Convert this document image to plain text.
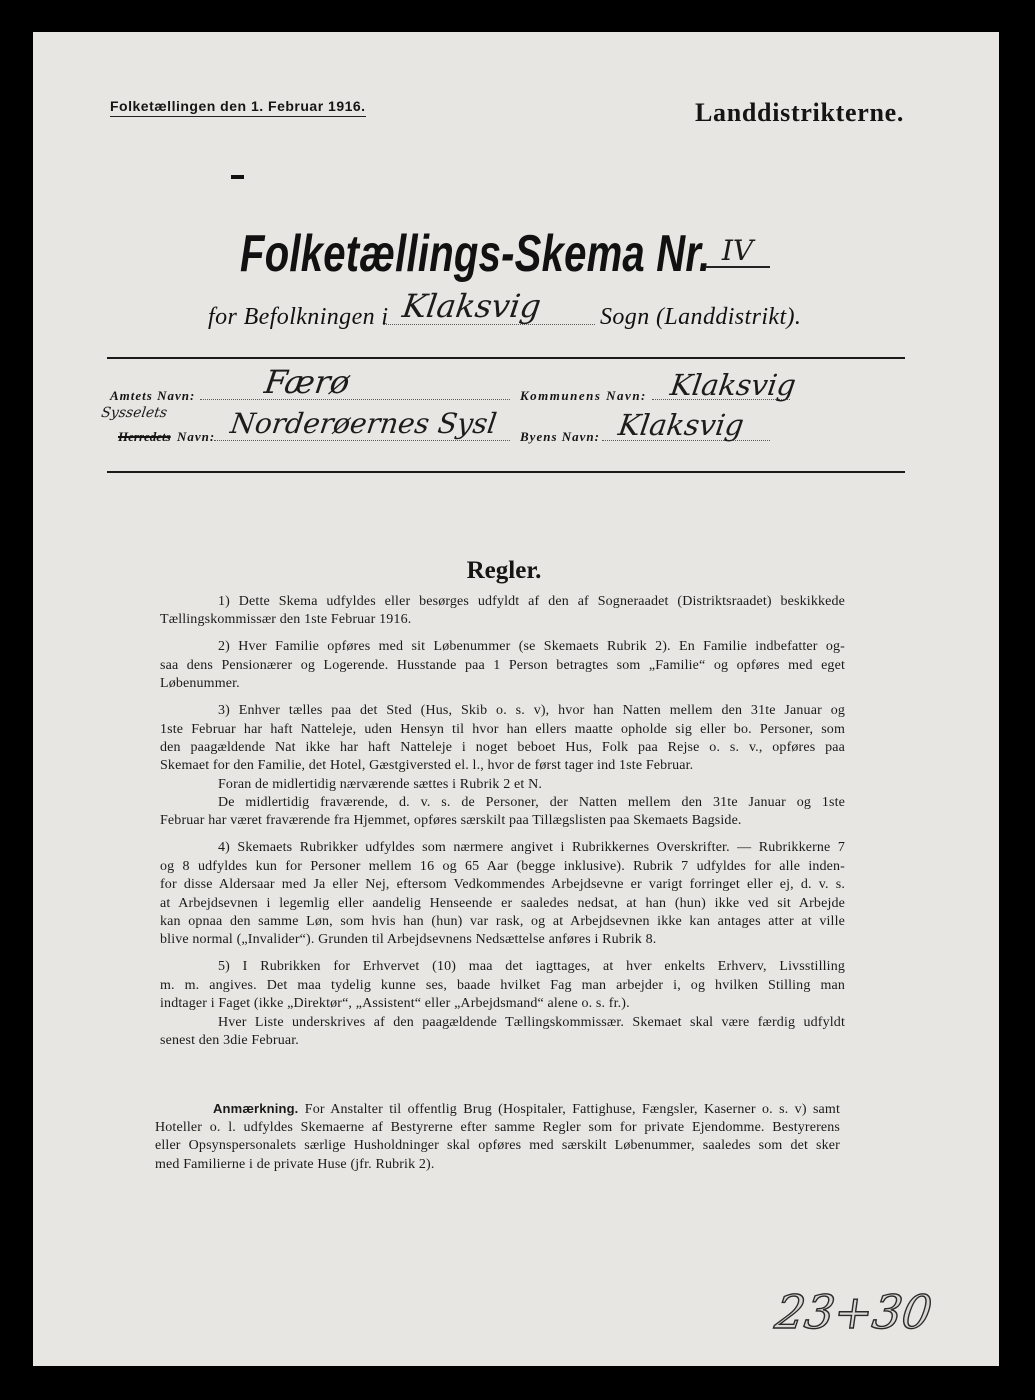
Folketællingen den 1. Februar 1916.	Landdistrikterne.
Folketællings-Skema Nr. IV
for Befolkningen i Klaksvig Sogn (Landdistrikt).
Amtets Navn: Færø	Kommunens Navn: Klaksvig
Sysselets
Herredets Navn: Norderøernes Sysl Byens Navn: Klaksvig
Regler.
1) Dette Skema udfyldes eller besørges udfyldt af den af Sogneraadet (Distriktsraadet) beskikkede
Tællingskommissær den 1ste Februar 1916.
2) Hver Familie opføres med sit Løbenummer (se Skemaets Rubrik 2). En Familie indbefatter og-
saa dens Pensionærer og Logerende. Husstande paa 1 Person betragtes som „Familie“ og opføres med eget
Løbenummer.
3) Enhver tælles paa det Sted (Hus, Skib o. s. v), hvor han Natten mellem den 31te Januar og
1ste Februar har haft Natteleje, uden Hensyn til hvor han ellers maatte opholde sig eller bo. Personer, som
den paagældende Nat ikke har haft Natteleje i noget beboet Hus, Folk paa Rejse o. s. v., opføres paa
Skemaet for den Familie, det Hotel, Gæstgiversted el. l., hvor de først tager ind 1ste Februar.
Foran de midlertidig nærværende sættes i Rubrik 2 et N.
De midlertidig fraværende, d. v. s. de Personer, der Natten mellem den 31te Januar og 1ste
Februar har været fraværende fra Hjemmet, opføres særskilt paa Tillægslisten paa Skemaets Bagside.
4) Skemaets Rubrikker udfyldes som nærmere angivet i Rubrikkernes Overskrifter. — Rubrikkerne 7
og 8 udfyldes kun for Personer mellem 16 og 65 Aar (begge inklusive). Rubrik 7 udfyldes for alle inden-
for disse Aldersaar med Ja eller Nej, eftersom Vedkommendes Arbejdsevne er varigt forringet eller ej, d. v. s.
at Arbejdsevnen i legemlig eller aandelig Henseende er saaledes nedsat, at han (hun) ikke ved sit Arbejde
kan opnaa den samme Løn, som hvis han (hun) var rask, og at Arbejdsevnen ikke kan antages atter at ville
blive normal („Invalider“). Grunden til Arbejdsevnens Nedsættelse anføres i Rubrik 8.
5) I Rubrikken for Erhvervet (10) maa det iagttages, at hver enkelts Erhverv, Livsstilling
m. m. angives. Det maa tydelig kunne ses, baade hvilket Fag man arbejder i, og hvilken Stilling man
indtager i Faget (ikke „Direktør“, „Assistent“ eller „Arbejdsmand“ alene o. s. fr.).
Hver Liste underskrives af den paagældende Tællingskommissær. Skemaet skal være færdig udfyldt
senest den 3die Februar.
Anmærkning. For Anstalter til offentlig Brug (Hospitaler, Fattighuse, Fængsler, Kaserner o. s. v) samt
Hoteller o. l. udfyldes Skemaerne af Bestyrerne efter samme Regler som for private Ejendomme. Bestyrerens
eller Opsynspersonalets særlige Husholdninger skal opføres med særskilt Løbenummer, saaledes som det sker
med Familierne i de private Huse (jfr. Rubrik 2).
23+30
